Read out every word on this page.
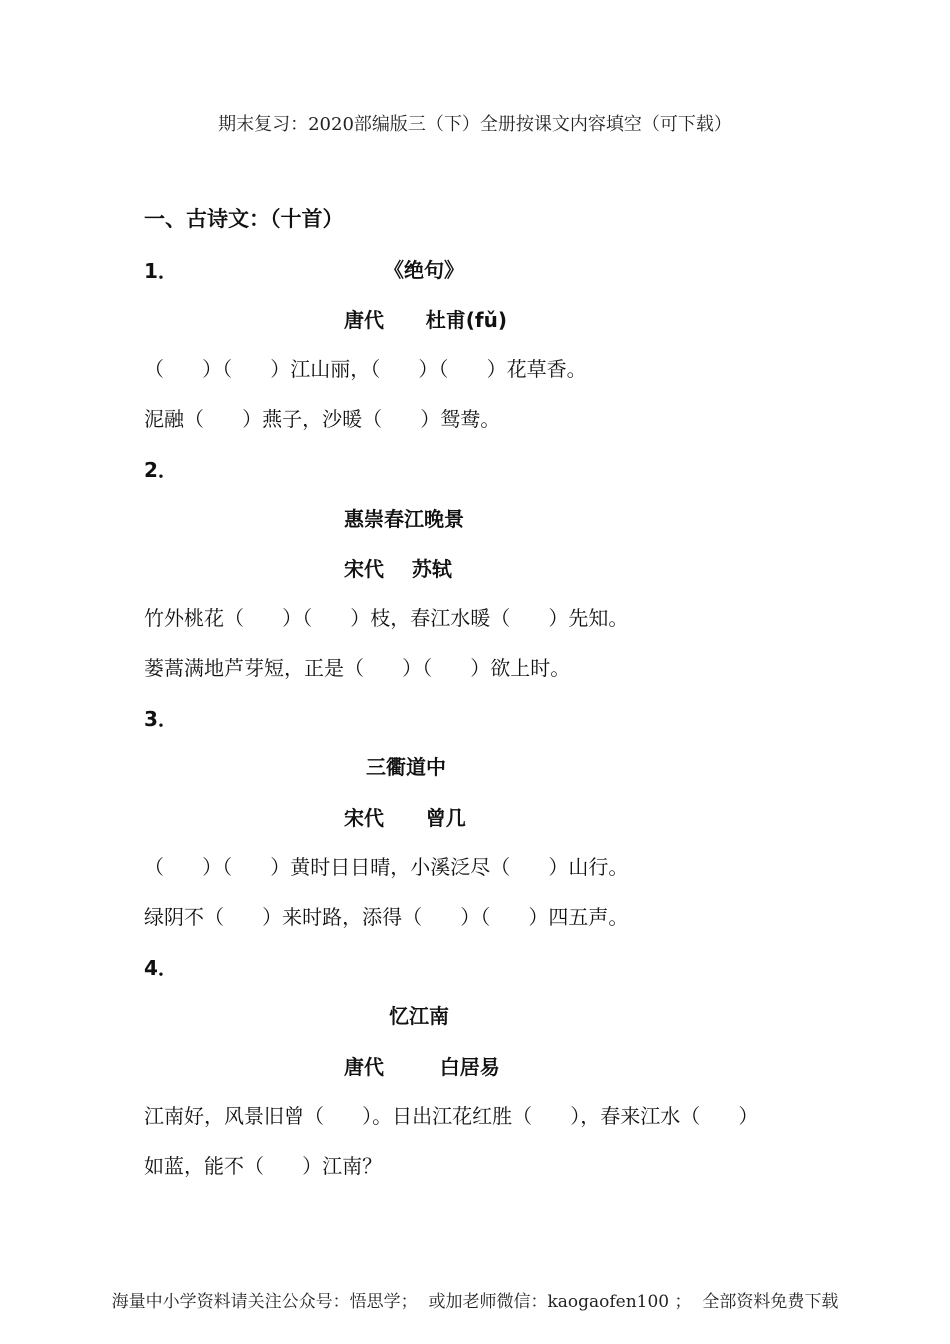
期末复习：2020部编版三（下）全册按课文内容填空（可下载）
一、古诗文：（十首）
1．	《绝句》
唐代      杜甫(fǔ)
（      ）（      ）江山丽，（      ）（      ）花草香。
泥融（      ）燕子，沙暖（      ）鸳鸯。
2．
惠崇春江晚景
宋代    苏轼
竹外桃花（      ）（      ）枝，春江水暖（      ）先知。
蒌蒿满地芦芽短，正是（      ）（      ）欲上时。
3．
三衢道中
宋代      曾几
（      ）（      ）黄时日日晴，小溪泛尽（      ）山行。
绿阴不（      ）来时路，添得（      ）（      ）四五声。
4．
忆江南
唐代        白居易
江南好，风景旧曾（      ）。日出江花红胜（      ），春来江水（      ）
如蓝，能不（      ）江南？
海量中小学资料请关注公众号：悟思学；  或加老师微信：kaogaofen100 ；  全部资料免费下载
